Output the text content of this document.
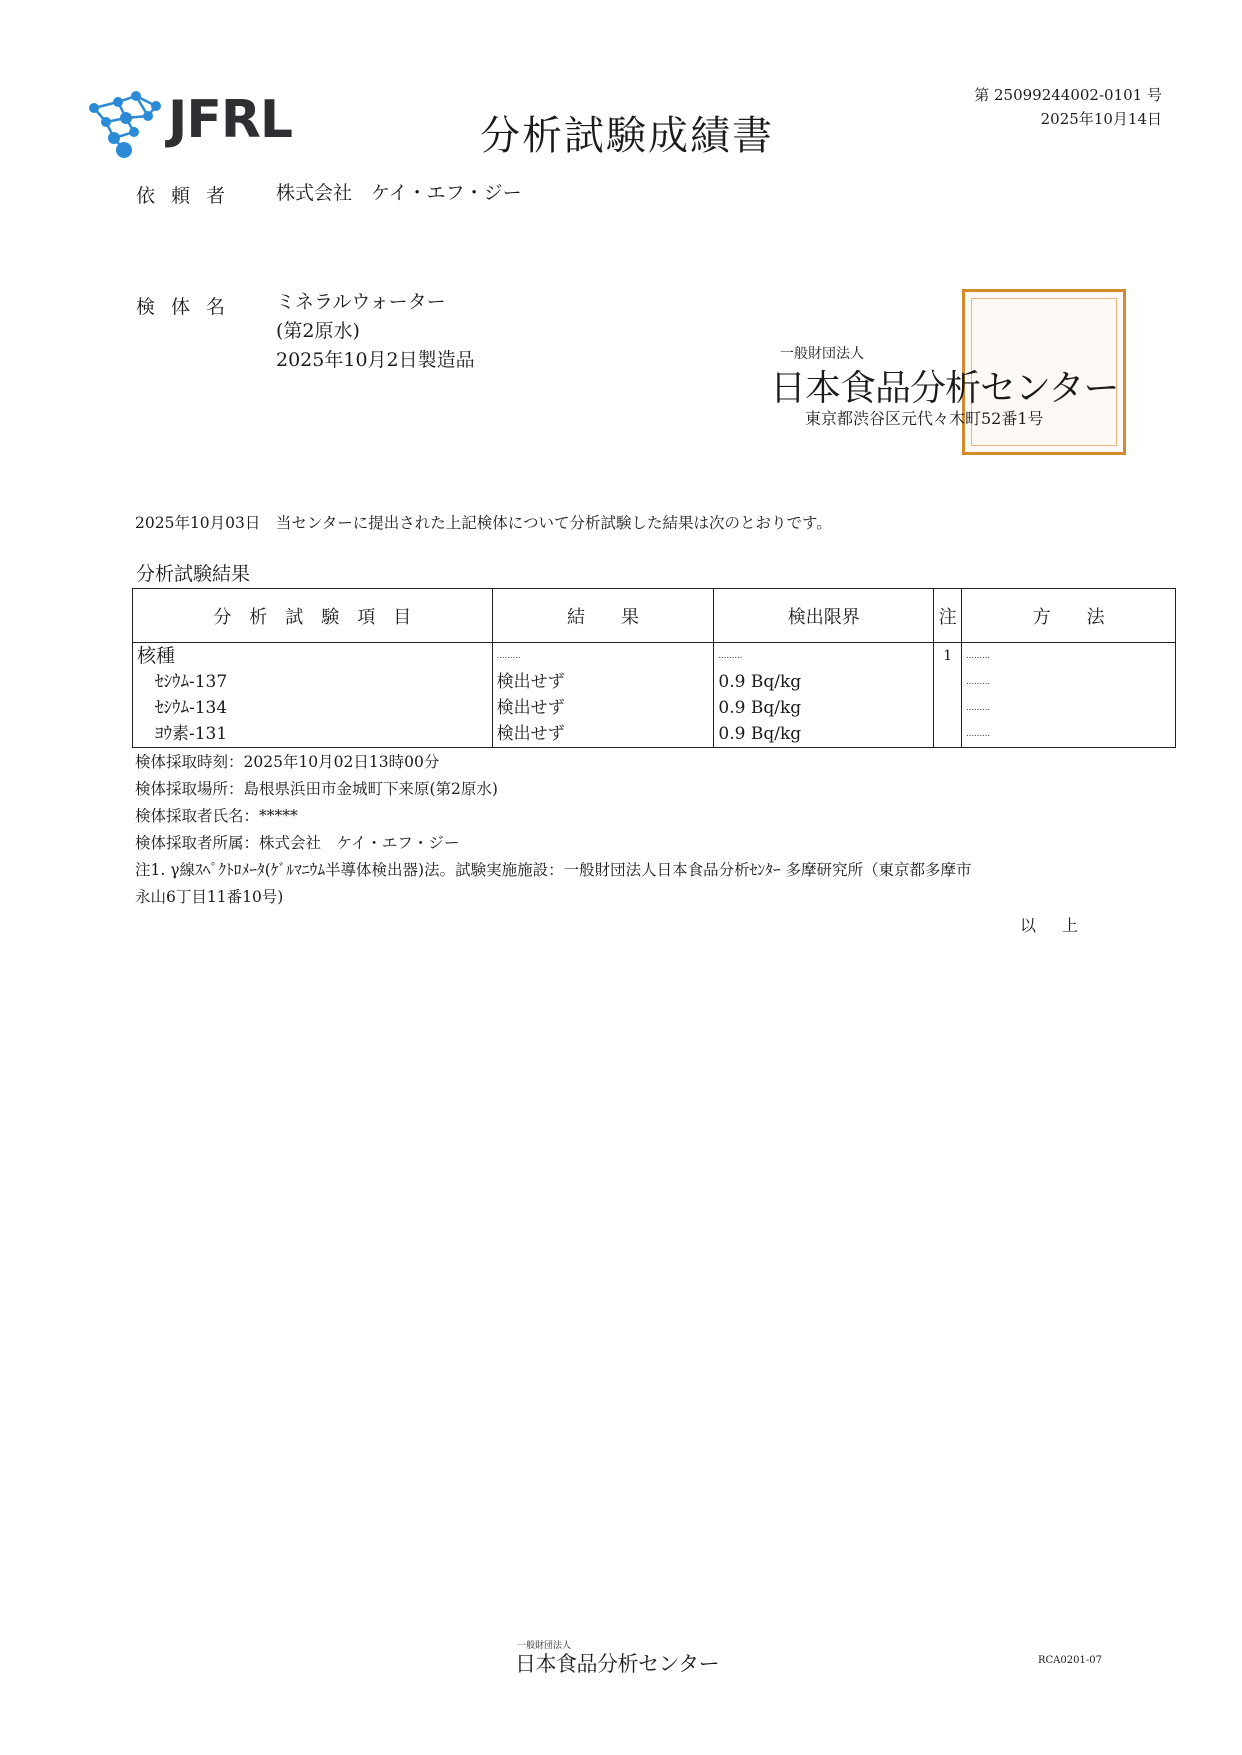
JFRL	分析試験成績書
第 25099244002-0101 号
2025年10月14日
依頼者 株式会社　ケイ・エフ・ジー
検体名 ミネラルウォーター
(第2原水)
2025年10月2日製造品	一般財団法人
日本食品分析センター
東京都渋谷区元代々木町52番1号
2025年10月03日　当センターに提出された上記検体について分析試験した結果は次のとおりです。
分析試験結果
分　析　試　験　項　目	結　　果	検出限界	注	方　　法
核種	………	………	1	………
ｾｼｳﾑ-137	検出せず	0.9 Bq/kg		………
ｾｼｳﾑ-134	検出せず	0.9 Bq/kg		………
ﾖｳ素-131	検出せず	0.9 Bq/kg		………
検体採取時刻：2025年10月02日13時00分
検体採取場所：島根県浜田市金城町下来原(第2原水)
検体採取者氏名：*****
検体採取者所属：株式会社　ケイ・エフ・ジー
注1. γ線ｽﾍﾟｸﾄﾛﾒｰﾀ(ｹﾞﾙﾏﾆｳﾑ半導体検出器)法。試験実施施設：一般財団法人日本食品分析ｾﾝﾀｰ 多摩研究所（東京都多摩市
永山6丁目11番10号)
以上
一般財団法人
日本食品分析センター	RCA0201-07
